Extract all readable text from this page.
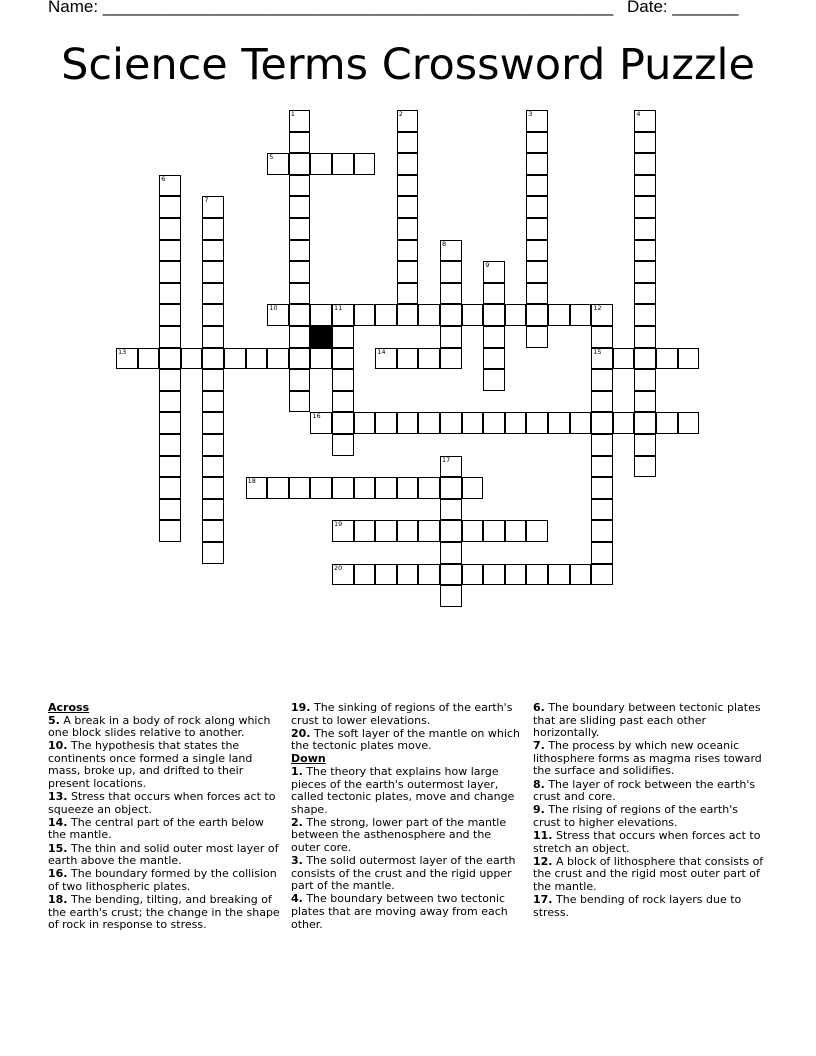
Name: ______________________________________________________ Date: _______
Science Terms Crossword Puzzle
1	2	3	4
5
6
7
8
9
10	11	12
15
13	14
16
17
18
19
20
Across
5. A break in a body of rock along which one block slides relative to another.
10. The hypothesis that states the continents once formed a single land mass, broke up, and drifted to their present locations.
13. Stress that occurs when forces act to squeeze an object.
14. The central part of the earth below the mantle.
15. The thin and solid outer most layer of earth above the mantle.
16. The boundary formed by the collision of two lithospheric plates.
18. The bending, tilting, and breaking of the earth's crust; the change in the shape of rock in response to stress.
19. The sinking of regions of the earth's crust to lower elevations.
20. The soft layer of the mantle on which the tectonic plates move.
Down
1. The theory that explains how large pieces of the earth's outermost layer, called tectonic plates, move and change shape.
2. The strong, lower part of the mantle between the asthenosphere and the outer core.
3. The solid outermost layer of the earth consists of the crust and the rigid upper part of the mantle.
4. The boundary between two tectonic plates that are moving away from each other.
6. The boundary between tectonic plates that are sliding past each other horizontally.
7. The process by which new oceanic lithosphere forms as magma rises toward the surface and solidifies.
8. The layer of rock between the earth's crust and core.
9. The rising of regions of the earth's crust to higher elevations.
11. Stress that occurs when forces act to stretch an object.
12. A block of lithosphere that consists of the crust and the rigid most outer part of the mantle.
17. The bending of rock layers due to stress.
